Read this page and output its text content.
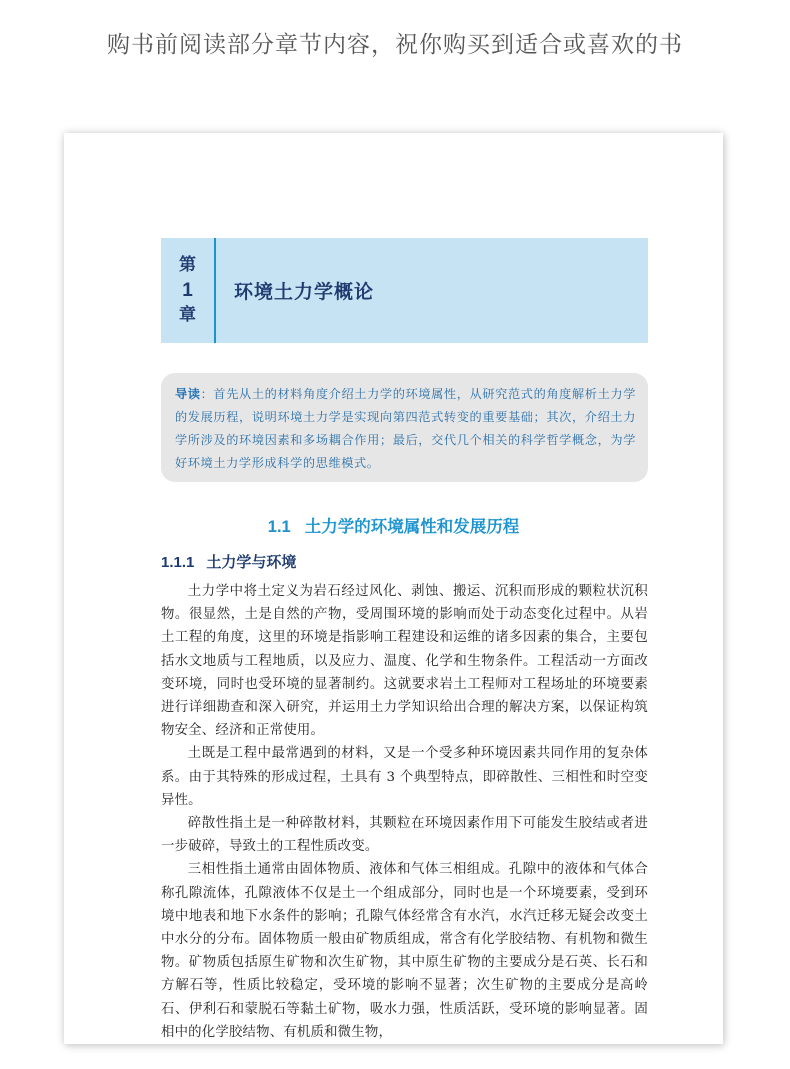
购书前阅读部分章节内容，祝你购买到适合或喜欢的书
第
1
章
环境土力学概论
导读：首先从土的材料角度介绍土力学的环境属性，从研究范式的角度解析土力学的发展历程，说明环境土力学是实现向第四范式转变的重要基础；其次，介绍土力学所涉及的环境因素和多场耦合作用；最后，交代几个相关的科学哲学概念，为学好环境土力学形成科学的思维模式。
1.1 土力学的环境属性和发展历程
1.1.1 土力学与环境

土力学中将土定义为岩石经过风化、剥蚀、搬运、沉积而形成的颗粒状沉积物。很显然，土是自然的产物，受周围环境的影响而处于动态变化过程中。从岩土工程的角度，这里的环境是指影响工程建设和运维的诸多因素的集合，主要包括水文地质与工程地质，以及应力、温度、化学和生物条件。工程活动一方面改变环境，同时也受环境的显著制约。这就要求岩土工程师对工程场址的环境要素进行详细勘查和深入研究，并运用土力学知识给出合理的解决方案，以保证构筑物安全、经济和正常使用。

土既是工程中最常遇到的材料，又是一个受多种环境因素共同作用的复杂体系。由于其特殊的形成过程，土具有 3 个典型特点，即碎散性、三相性和时空变异性。

碎散性指土是一种碎散材料，其颗粒在环境因素作用下可能发生胶结或者进一步破碎，导致土的工程性质改变。

三相性指土通常由固体物质、液体和气体三相组成。孔隙中的液体和气体合称孔隙流体，孔隙液体不仅是土一个组成部分，同时也是一个环境要素，受到环境中地表和地下水条件的影响；孔隙气体经常含有水汽，水汽迁移无疑会改变土中水分的分布。固体物质一般由矿物质组成，常含有化学胶结物、有机物和微生物。矿物质包括原生矿物和次生矿物，其中原生矿物的主要成分是石英、长石和方解石等，性质比较稳定，受环境的影响不显著；次生矿物的主要成分是高岭石、伊利石和蒙脱石等黏土矿物，吸水力强，性质活跃，受环境的影响显著。固相中的化学胶结物、有机质和微生物，
